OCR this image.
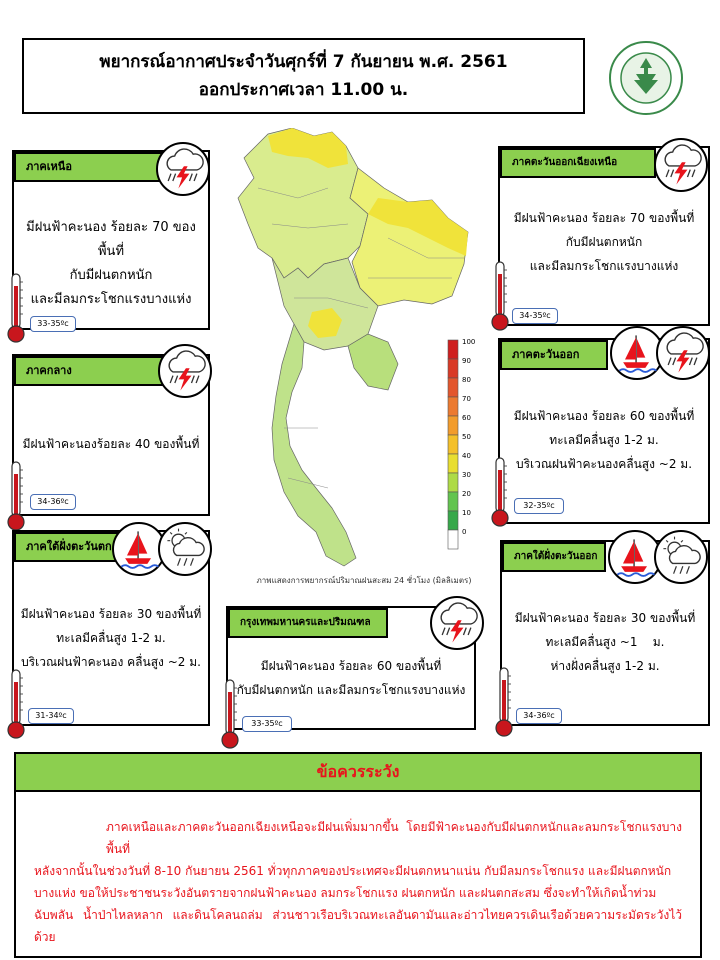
พยากรณ์อากาศประจำวันศุกร์ที่ 7 กันยายน พ.ศ. 2561
ออกประกาศเวลา 11.00 น.
ภาคเหนือ
มีฝนฟ้าคะนอง ร้อยละ 70 ของพื้นที่
กับมีฝนตกหนัก
และมีลมกระโชกแรงบางแห่ง
33-35ºc
ภาคกลาง
มีฝนฟ้าคะนองร้อยละ 40 ของพื้นที่
34-36ºc
ภาคใต้ฝั่งตะวันตก
มีฝนฟ้าคะนอง ร้อยละ 30 ของพื้นที่
ทะเลมีคลื่นสูง 1-2 ม.
บริเวณฝนฟ้าคะนอง คลื่นสูง ~2 ม.
31-34ºc
ภาคตะวันออกเฉียงเหนือ
มีฝนฟ้าคะนอง ร้อยละ 70 ของพื้นที่
กับมีฝนตกหนัก
และมีลมกระโชกแรงบางแห่ง
34-35ºc
ภาคตะวันออก
มีฝนฟ้าคะนอง ร้อยละ 60 ของพื้นที่
ทะเลมีคลื่นสูง 1-2 ม.
บริเวณฝนฟ้าคะนองคลื่นสูง ~2 ม.
32-35ºc
ภาคใต้ฝั่งตะวันออก
มีฝนฟ้าคะนอง ร้อยละ 30 ของพื้นที่
ทะเลมีคลื่นสูง ~1    ม.
ห่างฝั่งคลื่นสูง 1-2 ม.
34-36ºc
กรุงเทพมหานครและปริมณฑล
มีฝนฟ้าคะนอง ร้อยละ 60 ของพื้นที่
กับมีฝนตกหนัก และมีลมกระโชกแรงบางแห่ง
33-35ºc
100
90
80
70
60
50
40
30
20
10
0
ภาพแสดงการพยากรณ์ปริมาณฝนสะสม 24 ชั่วโมง (มิลลิเมตร)
ข้อควรระวัง
ภาคเหนือและภาคตะวันออกเฉียงเหนือจะมีฝนเพิ่มมากขึ้น โดยมีฟ้าคะนองกับมีฝนตกหนักและลมกระโชกแรงบางพื้นที่
หลังจากนั้นในช่วงวันที่ 8-10 กันยายน 2561 ทั่วทุกภาคของประเทศจะมีฝนตกหนาแน่น กับมีลมกระโชกแรง และมีฝนตกหนัก
บางแห่ง ขอให้ประชาชนระวังอันตรายจากฝนฟ้าคะนอง ลมกระโชกแรง ฝนตกหนัก และฝนตกสะสม ซึ่งจะทำให้เกิดน้ำท่วม
ฉับพลัน น้ำป่าไหลหลาก และดินโคลนถล่ม ส่วนชาวเรือบริเวณทะเลอันดามันและอ่าวไทยควรเดินเรือด้วยความระมัดระวังไว้ด้วย
